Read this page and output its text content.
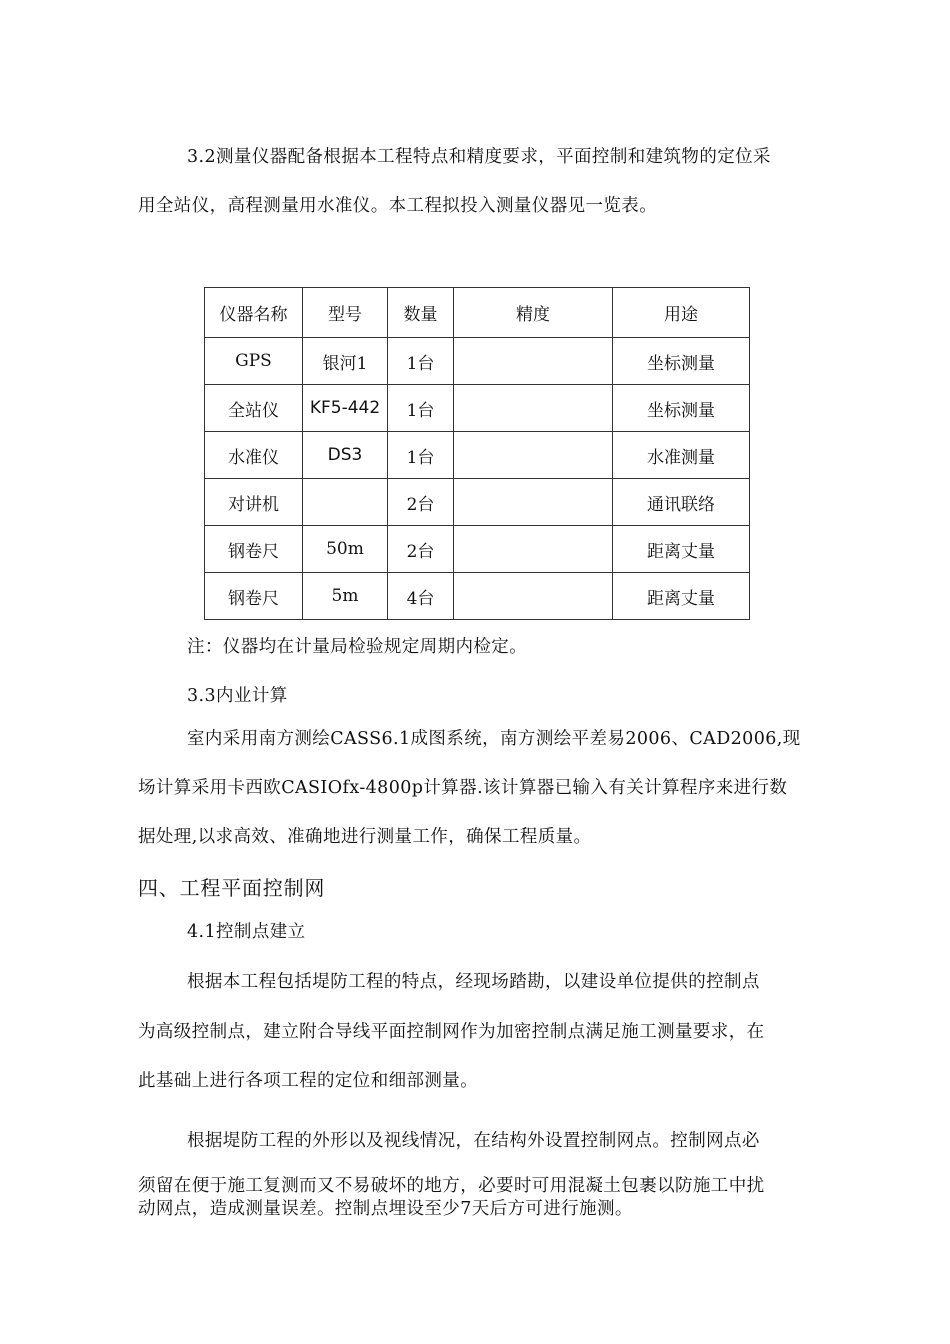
3.2测量仪器配备根据本工程特点和精度要求，平面控制和建筑物的定位采
用全站仪，高程测量用水准仪。本工程拟投入测量仪器见一览表。
仪器名称	型号	数量	精度	用途
GPS	银河1	1台		坐标测量
全站仪	KF5-442	1台		坐标测量
水准仪	DS3	1台		水准测量
对讲机		2台		通讯联络
钢卷尺	50m	2台		距离丈量
钢卷尺	5m	4台		距离丈量
注：仪器均在计量局检验规定周期内检定。
3.3内业计算
室内采用南方测绘CASS6.1成图系统，南方测绘平差易2006、CAD2006,现
场计算采用卡西欧CASIOfx-4800p计算器.该计算器已输入有关计算程序来进行数
据处理,以求高效、准确地进行测量工作，确保工程质量。
四、工程平面控制网
4.1控制点建立
根据本工程包括堤防工程的特点，经现场踏勘，以建设单位提供的控制点
为高级控制点，建立附合导线平面控制网作为加密控制点满足施工测量要求，在
此基础上进行各项工程的定位和细部测量。
根据堤防工程的外形以及视线情况，在结构外设置控制网点。控制网点必
须留在便于施工复测而又不易破坏的地方，必要时可用混凝土包裹以防施工中扰
动网点，造成测量误差。控制点埋设至少7天后方可进行施测。
